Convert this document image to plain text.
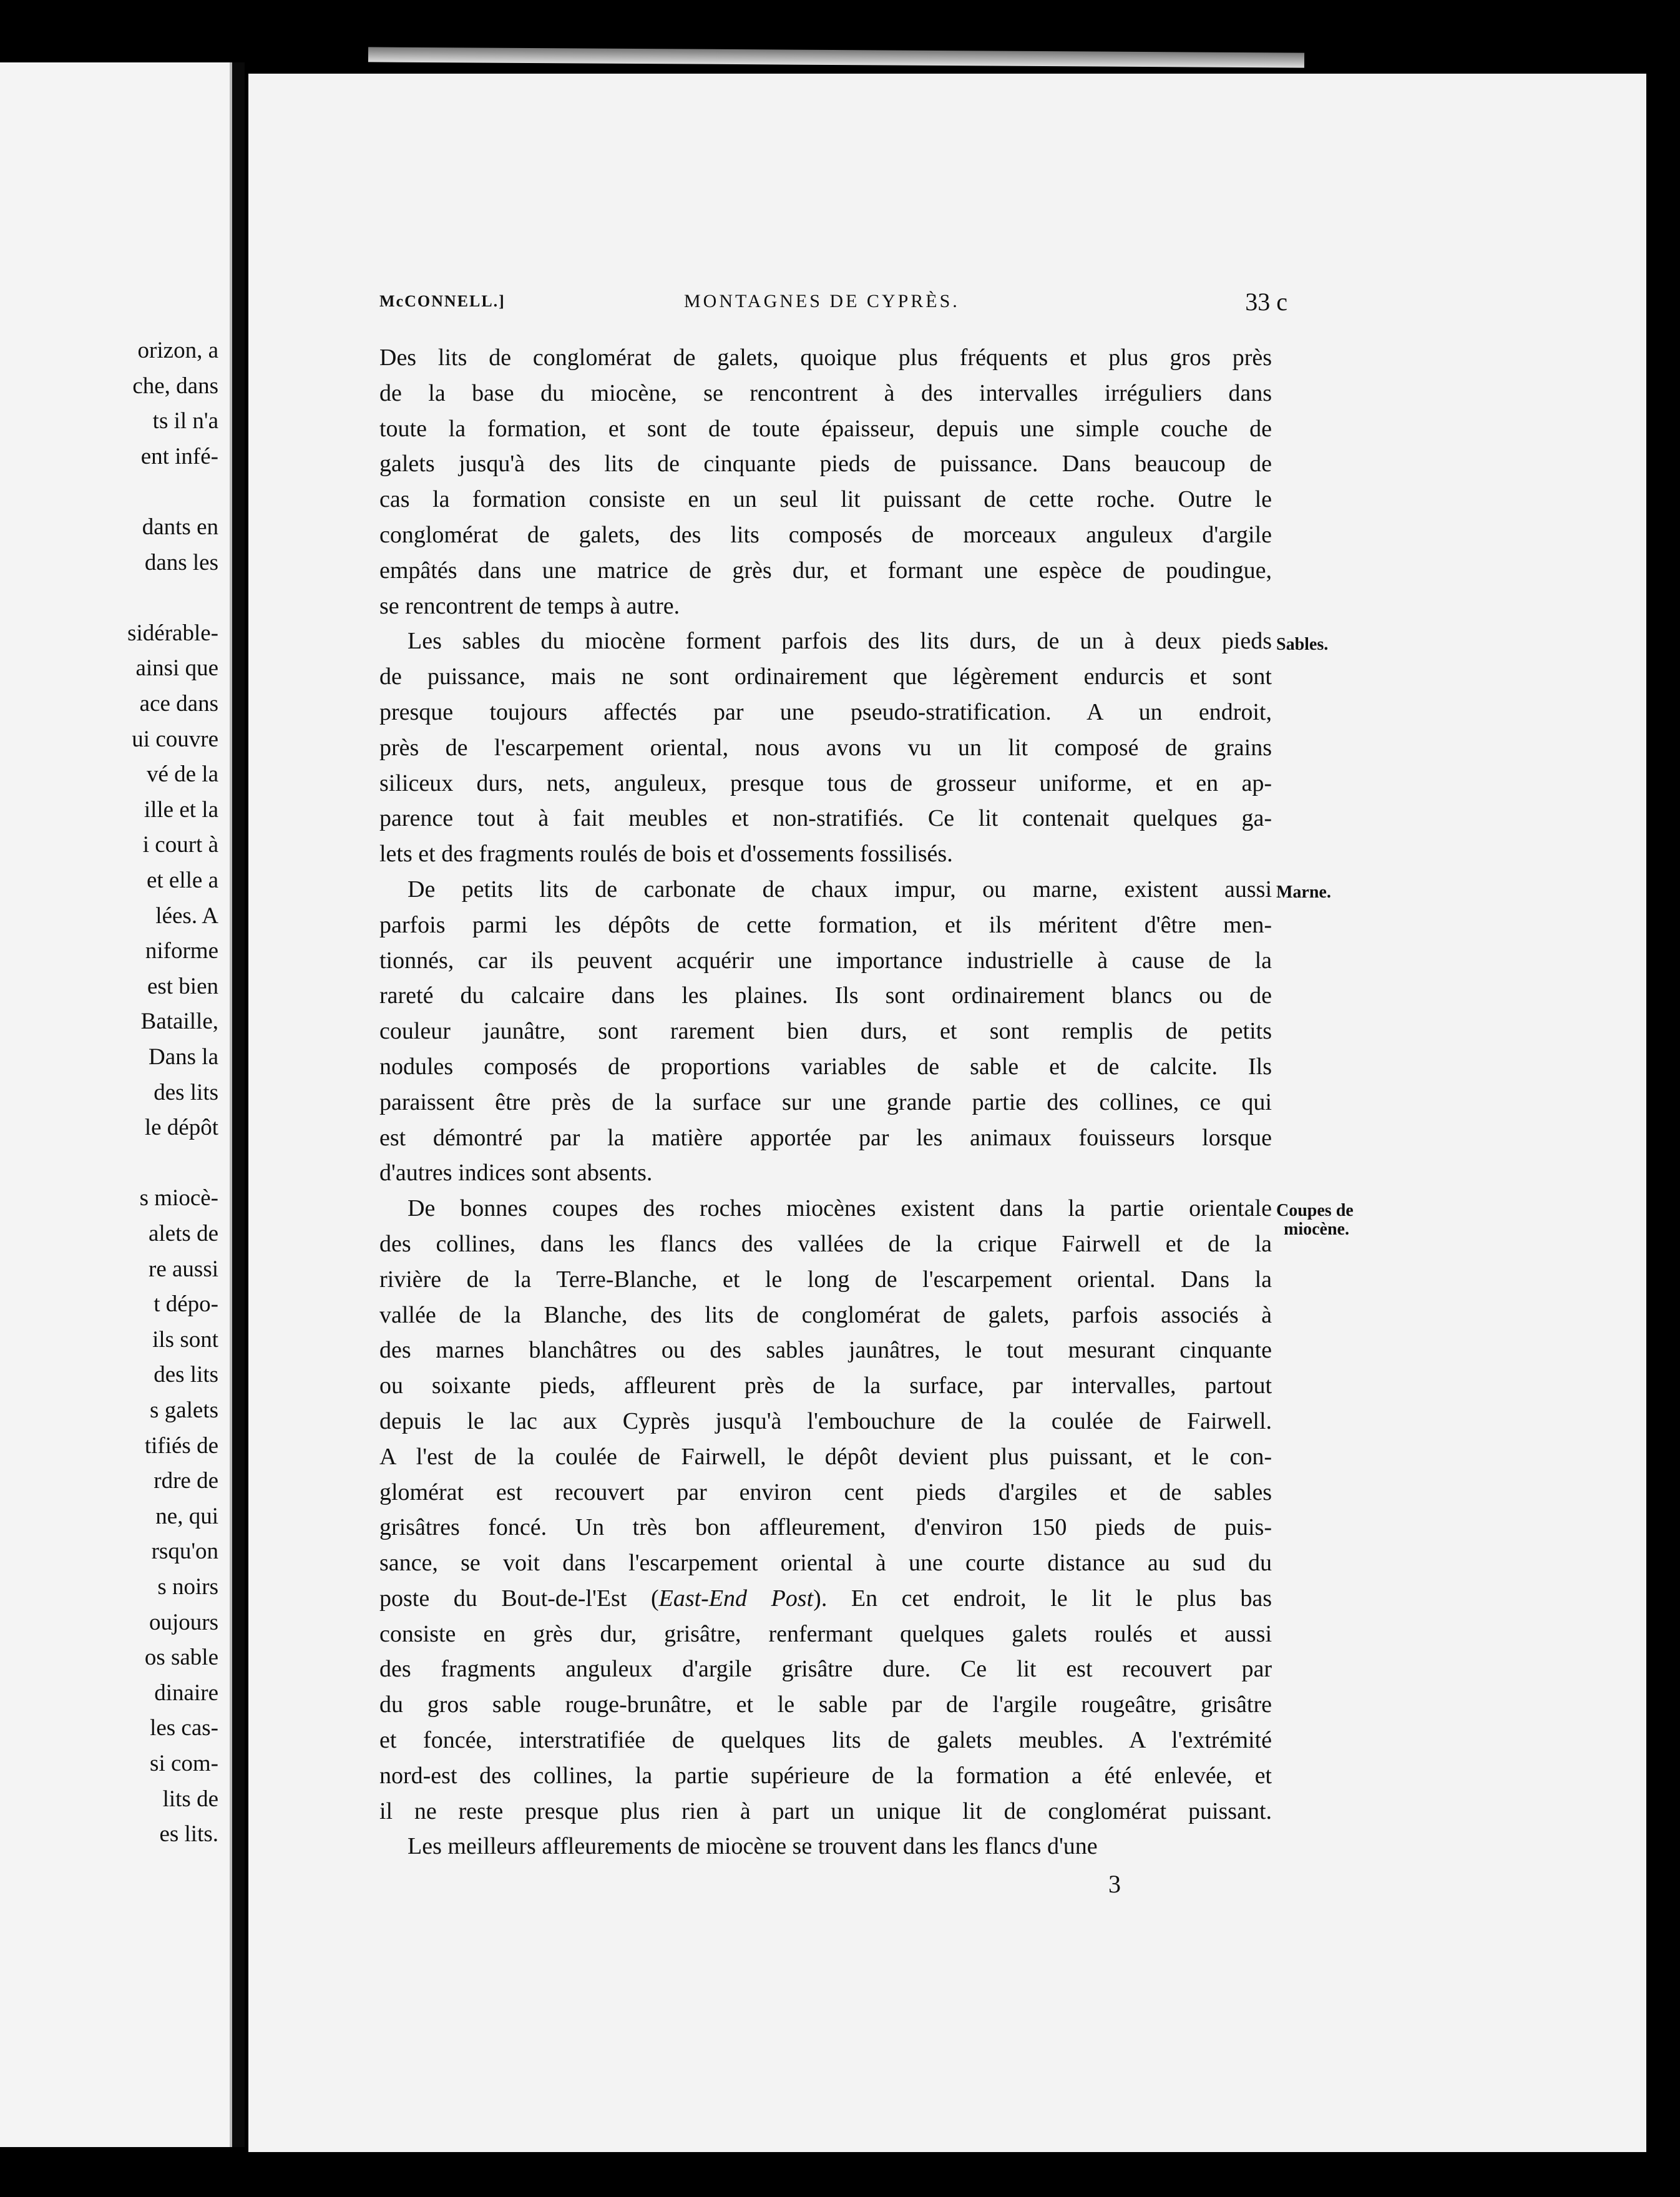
orizon, a
che, dans
ts il n'a
ent infé-
dants en
dans les
sidérable-
ainsi que
ace dans
ui couvre
vé de la
ille et la
i court à
et elle a
lées. A
niforme
est bien
Bataille,
Dans la
des lits
le dépôt
s miocè-
alets de
re aussi
t dépo-
ils sont
des lits
s galets
tifiés de
rdre de
ne, qui
rsqu'on
s noirs
oujours
os sable
dinaire
les cas-
si com-
lits de
es lits.
McCONNELL.]	MONTAGNES DE CYPRÈS.	33 c
Des lits de conglomérat de galets, quoique plus fréquents et plus gros près
de la base du miocène, se rencontrent à des intervalles irréguliers dans
toute la formation, et sont de toute épaisseur, depuis une simple couche de
galets jusqu'à des lits de cinquante pieds de puissance. Dans beaucoup de
cas la formation consiste en un seul lit puissant de cette roche. Outre le
conglomérat de galets, des lits composés de morceaux anguleux d'argile
empâtés dans une matrice de grès dur, et formant une espèce de poudingue,
se rencontrent de temps à autre.
Les sables du miocène forment parfois des lits durs, de un à deux pieds
de puissance, mais ne sont ordinairement que légèrement endurcis et sont
presque toujours affectés par une pseudo-stratification. A un endroit,
près de l'escarpement oriental, nous avons vu un lit composé de grains
siliceux durs, nets, anguleux, presque tous de grosseur uniforme, et en ap-
parence tout à fait meubles et non-stratifiés. Ce lit contenait quelques ga-
lets et des fragments roulés de bois et d'ossements fossilisés.
De petits lits de carbonate de chaux impur, ou marne, existent aussi
parfois parmi les dépôts de cette formation, et ils méritent d'être men-
tionnés, car ils peuvent acquérir une importance industrielle à cause de la
rareté du calcaire dans les plaines. Ils sont ordinairement blancs ou de
couleur jaunâtre, sont rarement bien durs, et sont remplis de petits
nodules composés de proportions variables de sable et de calcite. Ils
paraissent être près de la surface sur une grande partie des collines, ce qui
est démontré par la matière apportée par les animaux fouisseurs lorsque
d'autres indices sont absents.
De bonnes coupes des roches miocènes existent dans la partie orientale
des collines, dans les flancs des vallées de la crique Fairwell et de la
rivière de la Terre-Blanche, et le long de l'escarpement oriental. Dans la
vallée de la Blanche, des lits de conglomérat de galets, parfois associés à
des marnes blanchâtres ou des sables jaunâtres, le tout mesurant cinquante
ou soixante pieds, affleurent près de la surface, par intervalles, partout
depuis le lac aux Cyprès jusqu'à l'embouchure de la coulée de Fairwell.
A l'est de la coulée de Fairwell, le dépôt devient plus puissant, et le con-
glomérat est recouvert par environ cent pieds d'argiles et de sables
grisâtres foncé. Un très bon affleurement, d'environ 150 pieds de puis-
sance, se voit dans l'escarpement oriental à une courte distance au sud du
poste du Bout-de-l'Est (East-End Post). En cet endroit, le lit le plus bas
consiste en grès dur, grisâtre, renfermant quelques galets roulés et aussi
des fragments anguleux d'argile grisâtre dure. Ce lit est recouvert par
du gros sable rouge-brunâtre, et le sable par de l'argile rougeâtre, grisâtre
et foncée, interstratifiée de quelques lits de galets meubles. A l'extrémité
nord-est des collines, la partie supérieure de la formation a été enlevée, et
il ne reste presque plus rien à part un unique lit de conglomérat puissant.
Les meilleurs affleurements de miocène se trouvent dans les flancs d'une
Sables.
Marne.
Coupes de
miocène.
3
